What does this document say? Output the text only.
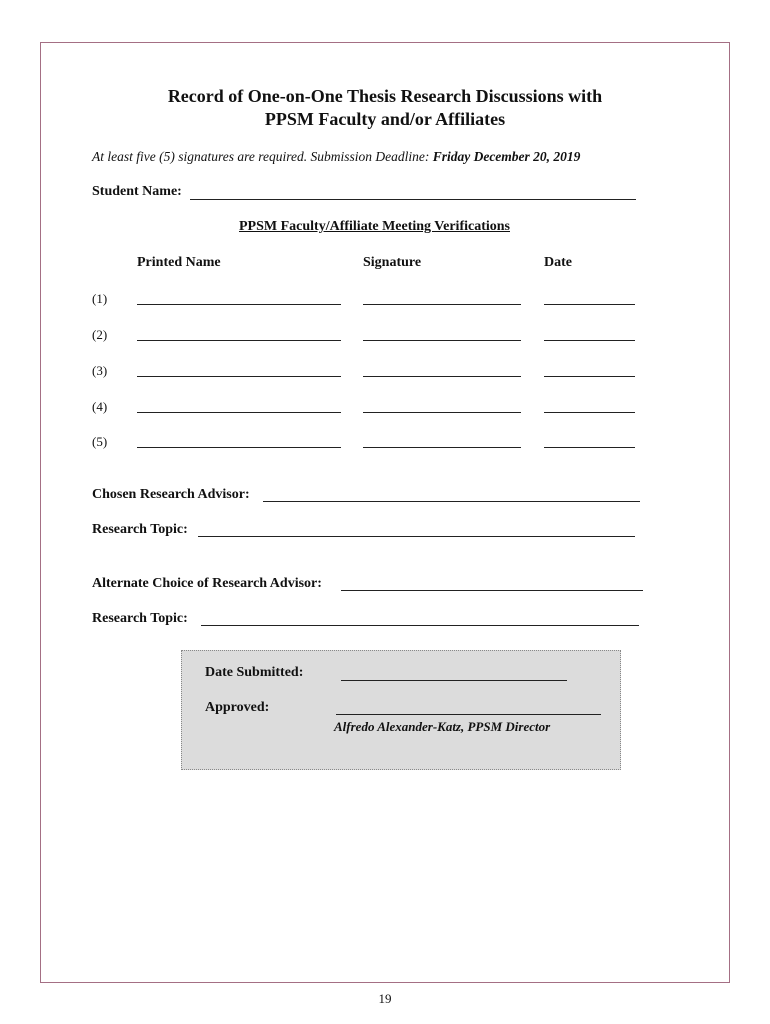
Record of One-on-One Thesis Research Discussions with
PPSM Faculty and/or Affiliates
At least five (5) signatures are required. Submission Deadline: Friday December 20, 2019
Student Name:
PPSM Faculty/Affiliate Meeting Verifications
Printed Name	Signature	Date
(1)
(2)
(3)
(4)
(5)
Chosen Research Advisor:
Research Topic:
Alternate Choice of Research Advisor:
Research Topic:
Date Submitted:
Approved:
Alfredo Alexander-Katz, PPSM Director
19
